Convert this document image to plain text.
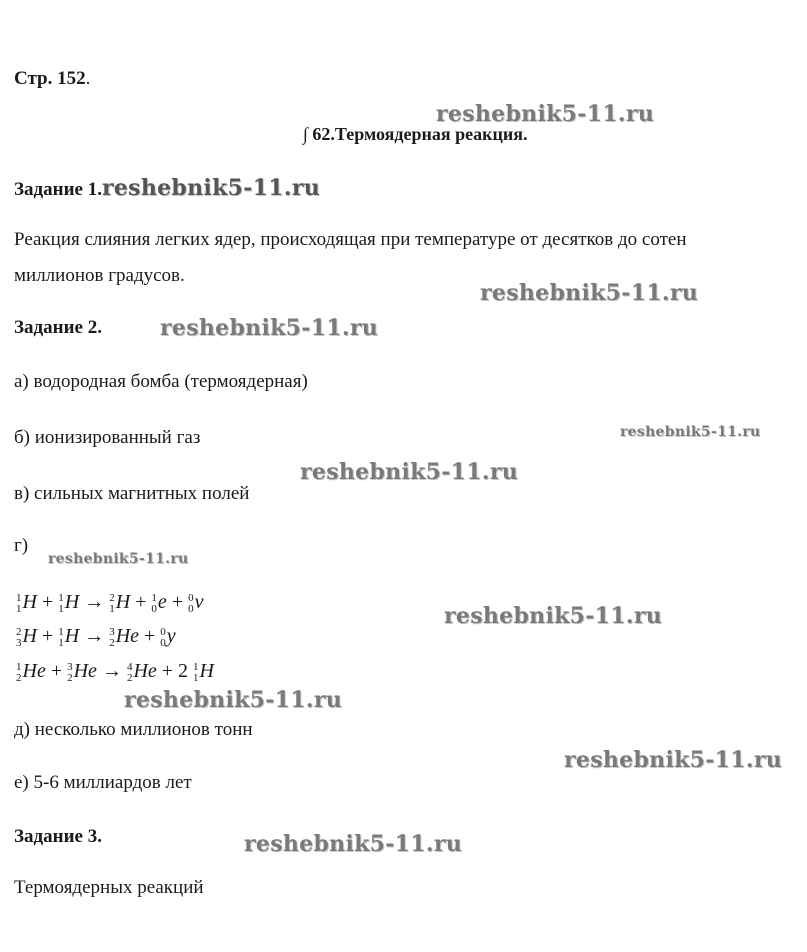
Стр. 152.
reshebnik5-11.ru
∫ 62.Термоядерная реакция.
Задание 1.reshebnik5-11.ru
Реакция слияния легких ядер, происходящая при температуре от десятков до сотен
миллионов градусов.
reshebnik5-11.ru
Задание 2.	reshebnik5-11.ru
а) водородная бомба (термоядерная)
б) ионизированный газ	reshebnik5-11.ru
reshebnik5-11.ru
в) сильных магнитных полей
г)
reshebnik5-11.ru
1
1 H + 1
1 H → 2
1 H + 1
0 e + 0
0 v
2
3 H + 1
1 H → 3
2 He + 0
0 y
1
2 He + 3
2 He → 4
2 He + 2 1
1 H
reshebnik5-11.ru
reshebnik5-11.ru
д) несколько миллионов тонн
reshebnik5-11.ru
е) 5-6 миллиардов лет
Задание 3.	reshebnik5-11.ru
Термоядерных реакций
